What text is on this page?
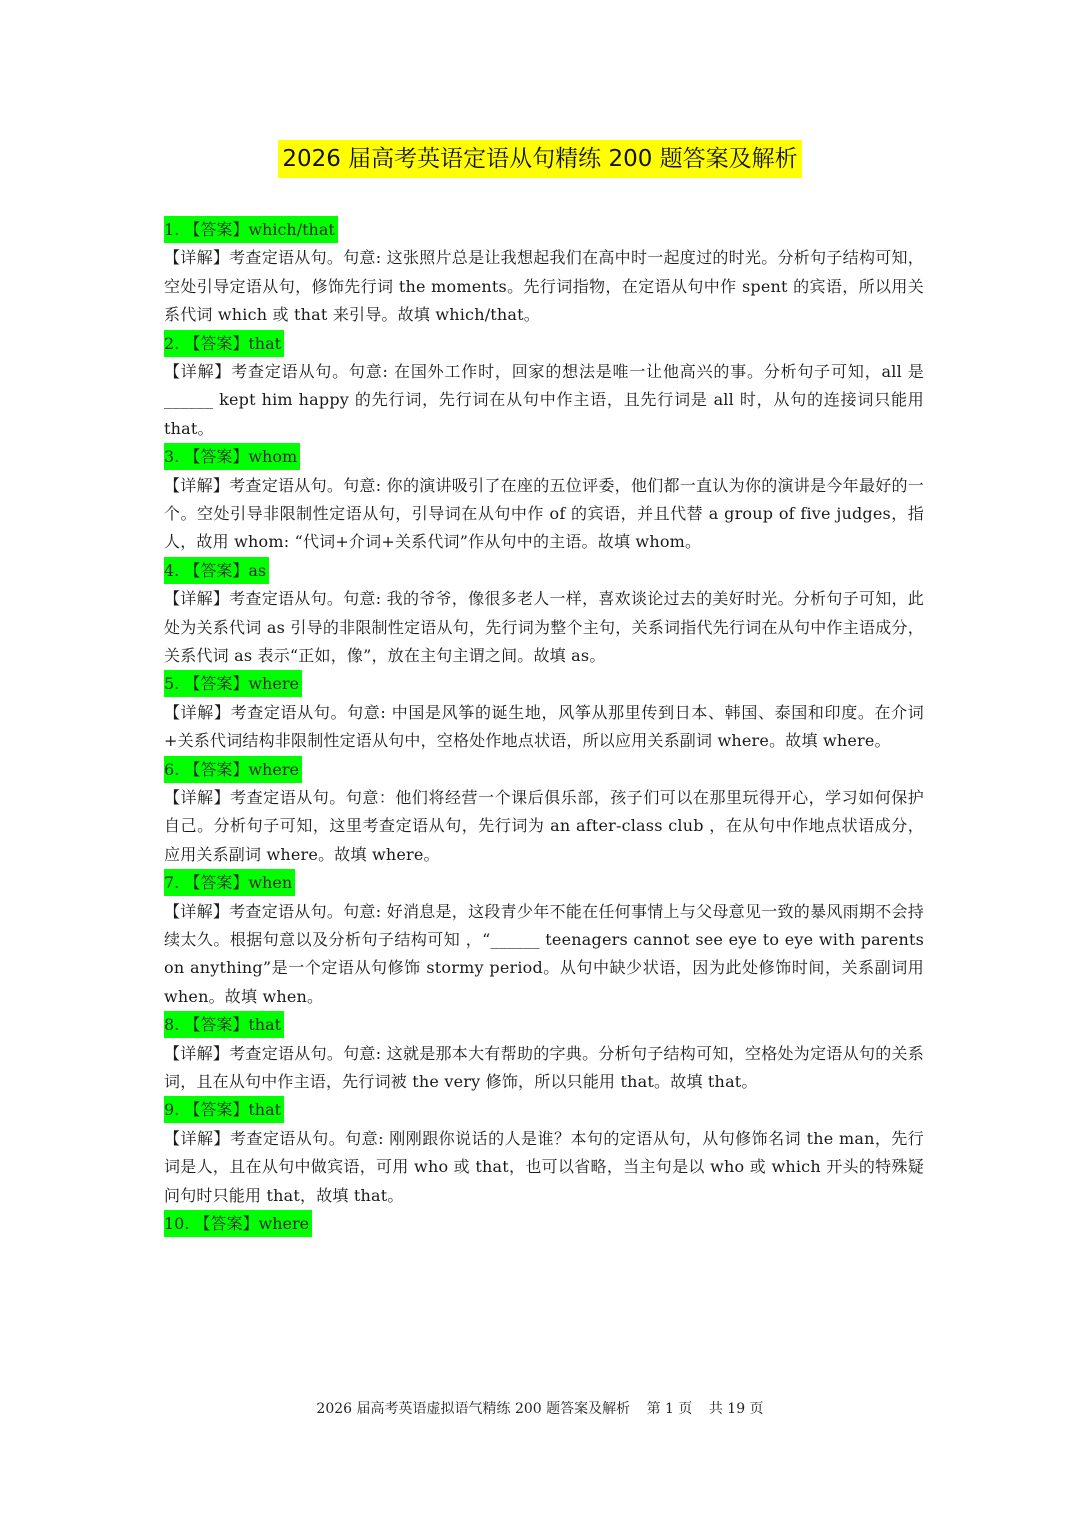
2026 届高考英语定语从句精练 200 题答案及解析
1. 【答案】which/that

【详解】考查定语从句。句意: 这张照片总是让我想起我们在高中时一起度过的时光。分析句子结构可知，空处引导定语从句，修饰先行词 the moments。先行词指物，在定语从句中作 spent 的宾语，所以用关系代词 which 或 that 来引导。故填 which/that。

2. 【答案】that

【详解】考查定语从句。句意: 在国外工作时，回家的想法是唯一让他高兴的事。分析句子可知，all 是______ kept him happy 的先行词，先行词在从句中作主语，且先行词是 all 时，从句的连接词只能用 that。

3. 【答案】whom

【详解】考查定语从句。句意: 你的演讲吸引了在座的五位评委，他们都一直认为你的演讲是今年最好的一个。空处引导非限制性定语从句，引导词在从句中作 of 的宾语，并且代替 a group of five judges，指人，故用 whom: “代词+介词+关系代词”作从句中的主语。故填 whom。

4. 【答案】as

【详解】考查定语从句。句意: 我的爷爷，像很多老人一样，喜欢谈论过去的美好时光。分析句子可知，此处为关系代词 as 引导的非限制性定语从句，先行词为整个主句，关系词指代先行词在从句中作主语成分，关系代词 as 表示“正如，像”，放在主句主谓之间。故填 as。

5. 【答案】where

【详解】考查定语从句。句意: 中国是风筝的诞生地，风筝从那里传到日本、韩国、泰国和印度。在介词+关系代词结构非限制性定语从句中，空格处作地点状语，所以应用关系副词 where。故填 where。

6. 【答案】where

【详解】考查定语从句。句意：他们将经营一个课后俱乐部，孩子们可以在那里玩得开心，学习如何保护自己。分析句子可知，这里考查定语从句，先行词为 an after-class club ，在从句中作地点状语成分，应用关系副词 where。故填 where。

7. 【答案】when

【详解】考查定语从句。句意: 好消息是，这段青少年不能在任何事情上与父母意见一致的暴风雨期不会持续太久。根据句意以及分析句子结构可知 ，“______ teenagers cannot see eye to eye with parents on anything”是一个定语从句修饰 stormy period。从句中缺少状语，因为此处修饰时间，关系副词用 when。故填 when。

8. 【答案】that

【详解】考查定语从句。句意: 这就是那本大有帮助的字典。分析句子结构可知，空格处为定语从句的关系词，且在从句中作主语，先行词被 the very 修饰，所以只能用 that。故填 that。

9. 【答案】that

【详解】考查定语从句。句意: 刚刚跟你说话的人是谁？本句的定语从句，从句修饰名词 the man，先行词是人，且在从句中做宾语，可用 who 或 that，也可以省略，当主句是以 who 或 which 开头的特殊疑问句时只能用 that，故填 that。

10. 【答案】where
2026 届高考英语虚拟语气精练 200 题答案及解析 第 1 页 共 19 页
